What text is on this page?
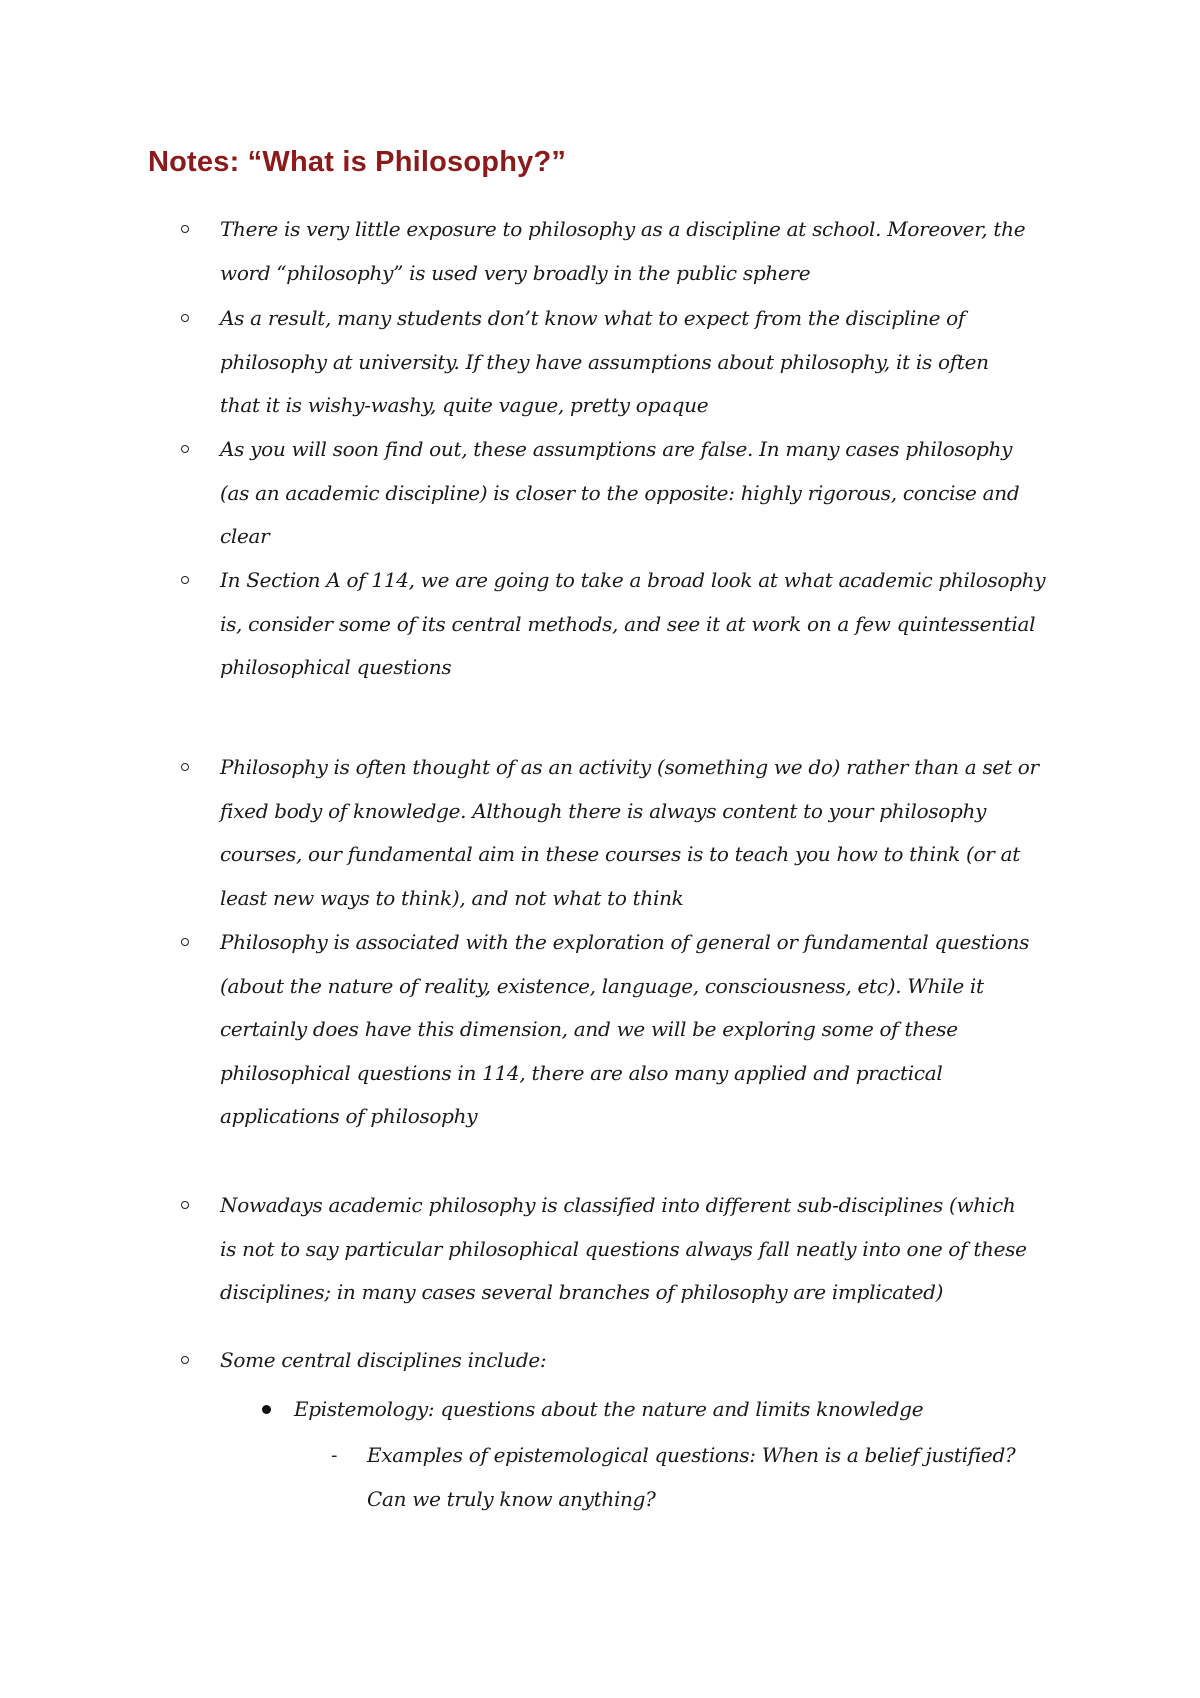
Notes: “What is Philosophy?”
There is very little exposure to philosophy as a discipline at school. Moreover, the
word “philosophy” is used very broadly in the public sphere
As a result, many students don’t know what to expect from the discipline of
philosophy at university. If they have assumptions about philosophy, it is often
that it is wishy-washy, quite vague, pretty opaque
As you will soon find out, these assumptions are false. In many cases philosophy
(as an academic discipline) is closer to the opposite: highly rigorous, concise and
clear
In Section A of 114, we are going to take a broad look at what academic philosophy
is, consider some of its central methods, and see it at work on a few quintessential
philosophical questions
Philosophy is often thought of as an activity (something we do) rather than a set or
fixed body of knowledge. Although there is always content to your philosophy
courses, our fundamental aim in these courses is to teach you how to think (or at
least new ways to think), and not what to think
Philosophy is associated with the exploration of general or fundamental questions
(about the nature of reality, existence, language, consciousness, etc). While it
certainly does have this dimension, and we will be exploring some of these
philosophical questions in 114, there are also many applied and practical
applications of philosophy
Nowadays academic philosophy is classified into different sub-disciplines (which
is not to say particular philosophical questions always fall neatly into one of these
disciplines; in many cases several branches of philosophy are implicated)
Some central disciplines include:
Epistemology: questions about the nature and limits knowledge
- Examples of epistemological questions: When is a belief justified?
Can we truly know anything?
